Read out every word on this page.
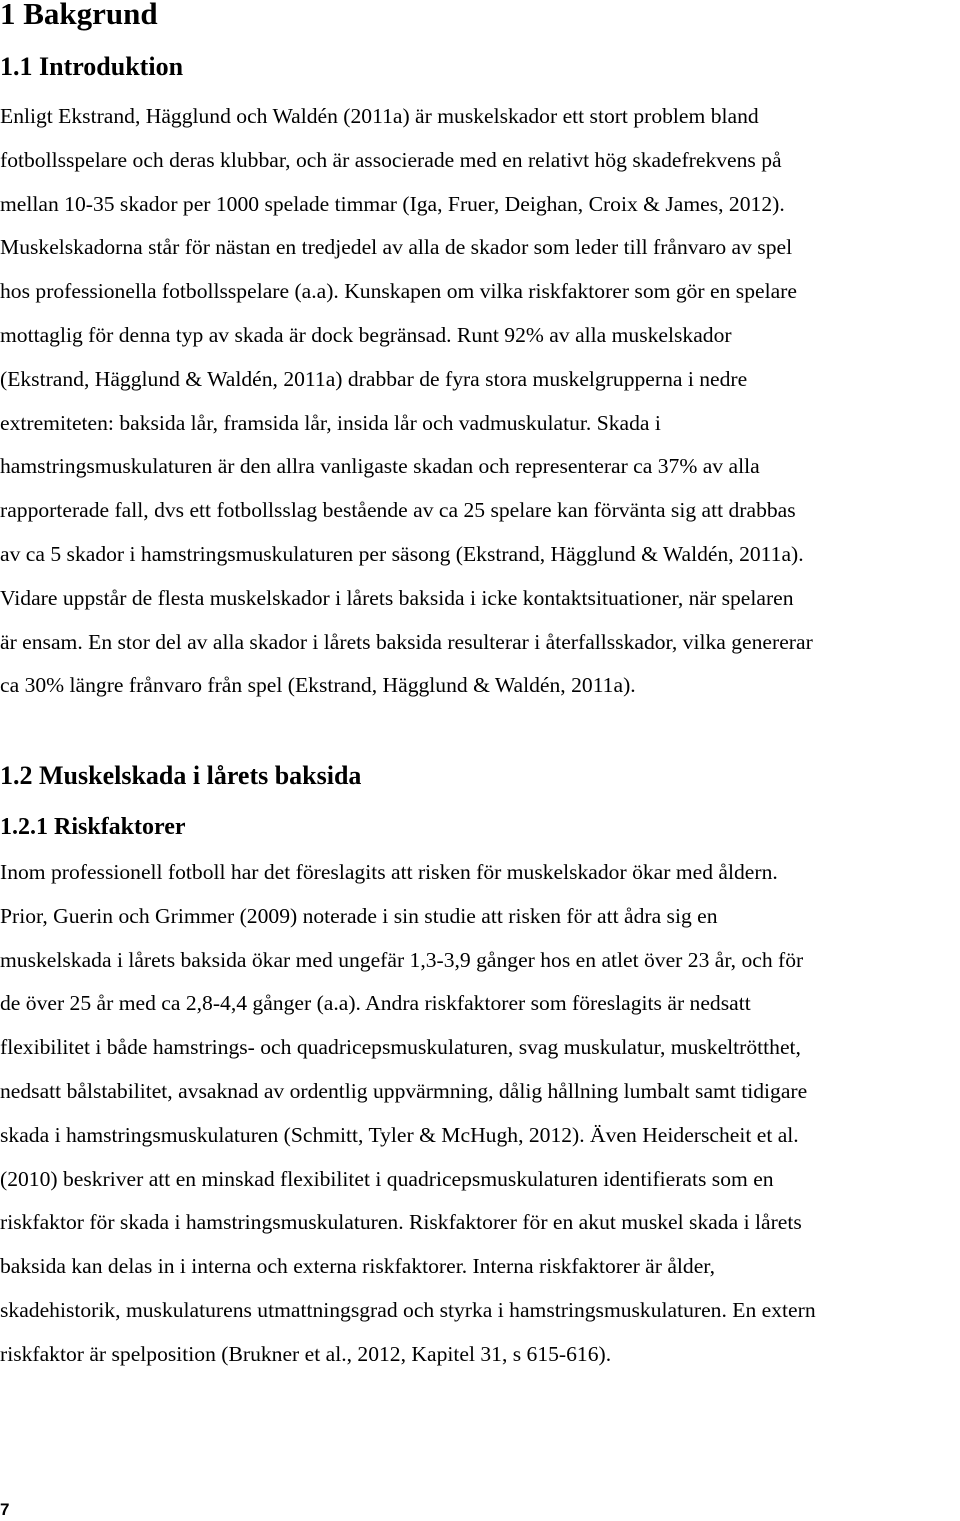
1 Bakgrund
1.1 Introduktion
Enligt Ekstrand, Hägglund och Waldén (2011a) är muskelskador ett stort problem bland
fotbollsspelare och deras klubbar, och är associerade med en relativt hög skadefrekvens på
mellan 10-35 skador per 1000 spelade timmar (Iga, Fruer, Deighan, Croix & James, 2012).
Muskelskadorna står för nästan en tredjedel av alla de skador som leder till frånvaro av spel
hos professionella fotbollsspelare (a.a). Kunskapen om vilka riskfaktorer som gör en spelare
mottaglig för denna typ av skada är dock begränsad. Runt 92% av alla muskelskador
(Ekstrand, Hägglund & Waldén, 2011a) drabbar de fyra stora muskelgrupperna i nedre
extremiteten: baksida lår, framsida lår, insida lår och vadmuskulatur. Skada i
hamstringsmuskulaturen är den allra vanligaste skadan och representerar ca 37% av alla
rapporterade fall, dvs ett fotbollsslag bestående av ca 25 spelare kan förvänta sig att drabbas
av ca 5 skador i hamstringsmuskulaturen per säsong (Ekstrand, Hägglund & Waldén, 2011a).
Vidare uppstår de flesta muskelskador i lårets baksida i icke kontaktsituationer, när spelaren
är ensam. En stor del av alla skador i lårets baksida resulterar i återfallsskador, vilka genererar
ca 30% längre frånvaro från spel (Ekstrand, Hägglund & Waldén, 2011a).
1.2 Muskelskada i lårets baksida
1.2.1 Riskfaktorer
Inom professionell fotboll har det föreslagits att risken för muskelskador ökar med åldern.
Prior, Guerin och Grimmer (2009) noterade i sin studie att risken för att ådra sig en
muskelskada i lårets baksida ökar med ungefär 1,3-3,9 gånger hos en atlet över 23 år, och för
de över 25 år med ca 2,8-4,4 gånger (a.a). Andra riskfaktorer som föreslagits är nedsatt
flexibilitet i både hamstrings- och quadricepsmuskulaturen, svag muskulatur, muskeltrötthet,
nedsatt bålstabilitet, avsaknad av ordentlig uppvärmning, dålig hållning lumbalt samt tidigare
skada i hamstringsmuskulaturen (Schmitt, Tyler & McHugh, 2012). Även Heiderscheit et al.
(2010) beskriver att en minskad flexibilitet i quadricepsmuskulaturen identifierats som en
riskfaktor för skada i hamstringsmuskulaturen. Riskfaktorer för en akut muskel skada i lårets
baksida kan delas in i interna och externa riskfaktorer. Interna riskfaktorer är ålder,
skadehistorik, muskulaturens utmattningsgrad och styrka i hamstringsmuskulaturen. En extern
riskfaktor är spelposition (Brukner et al., 2012, Kapitel 31, s 615-616).
7
